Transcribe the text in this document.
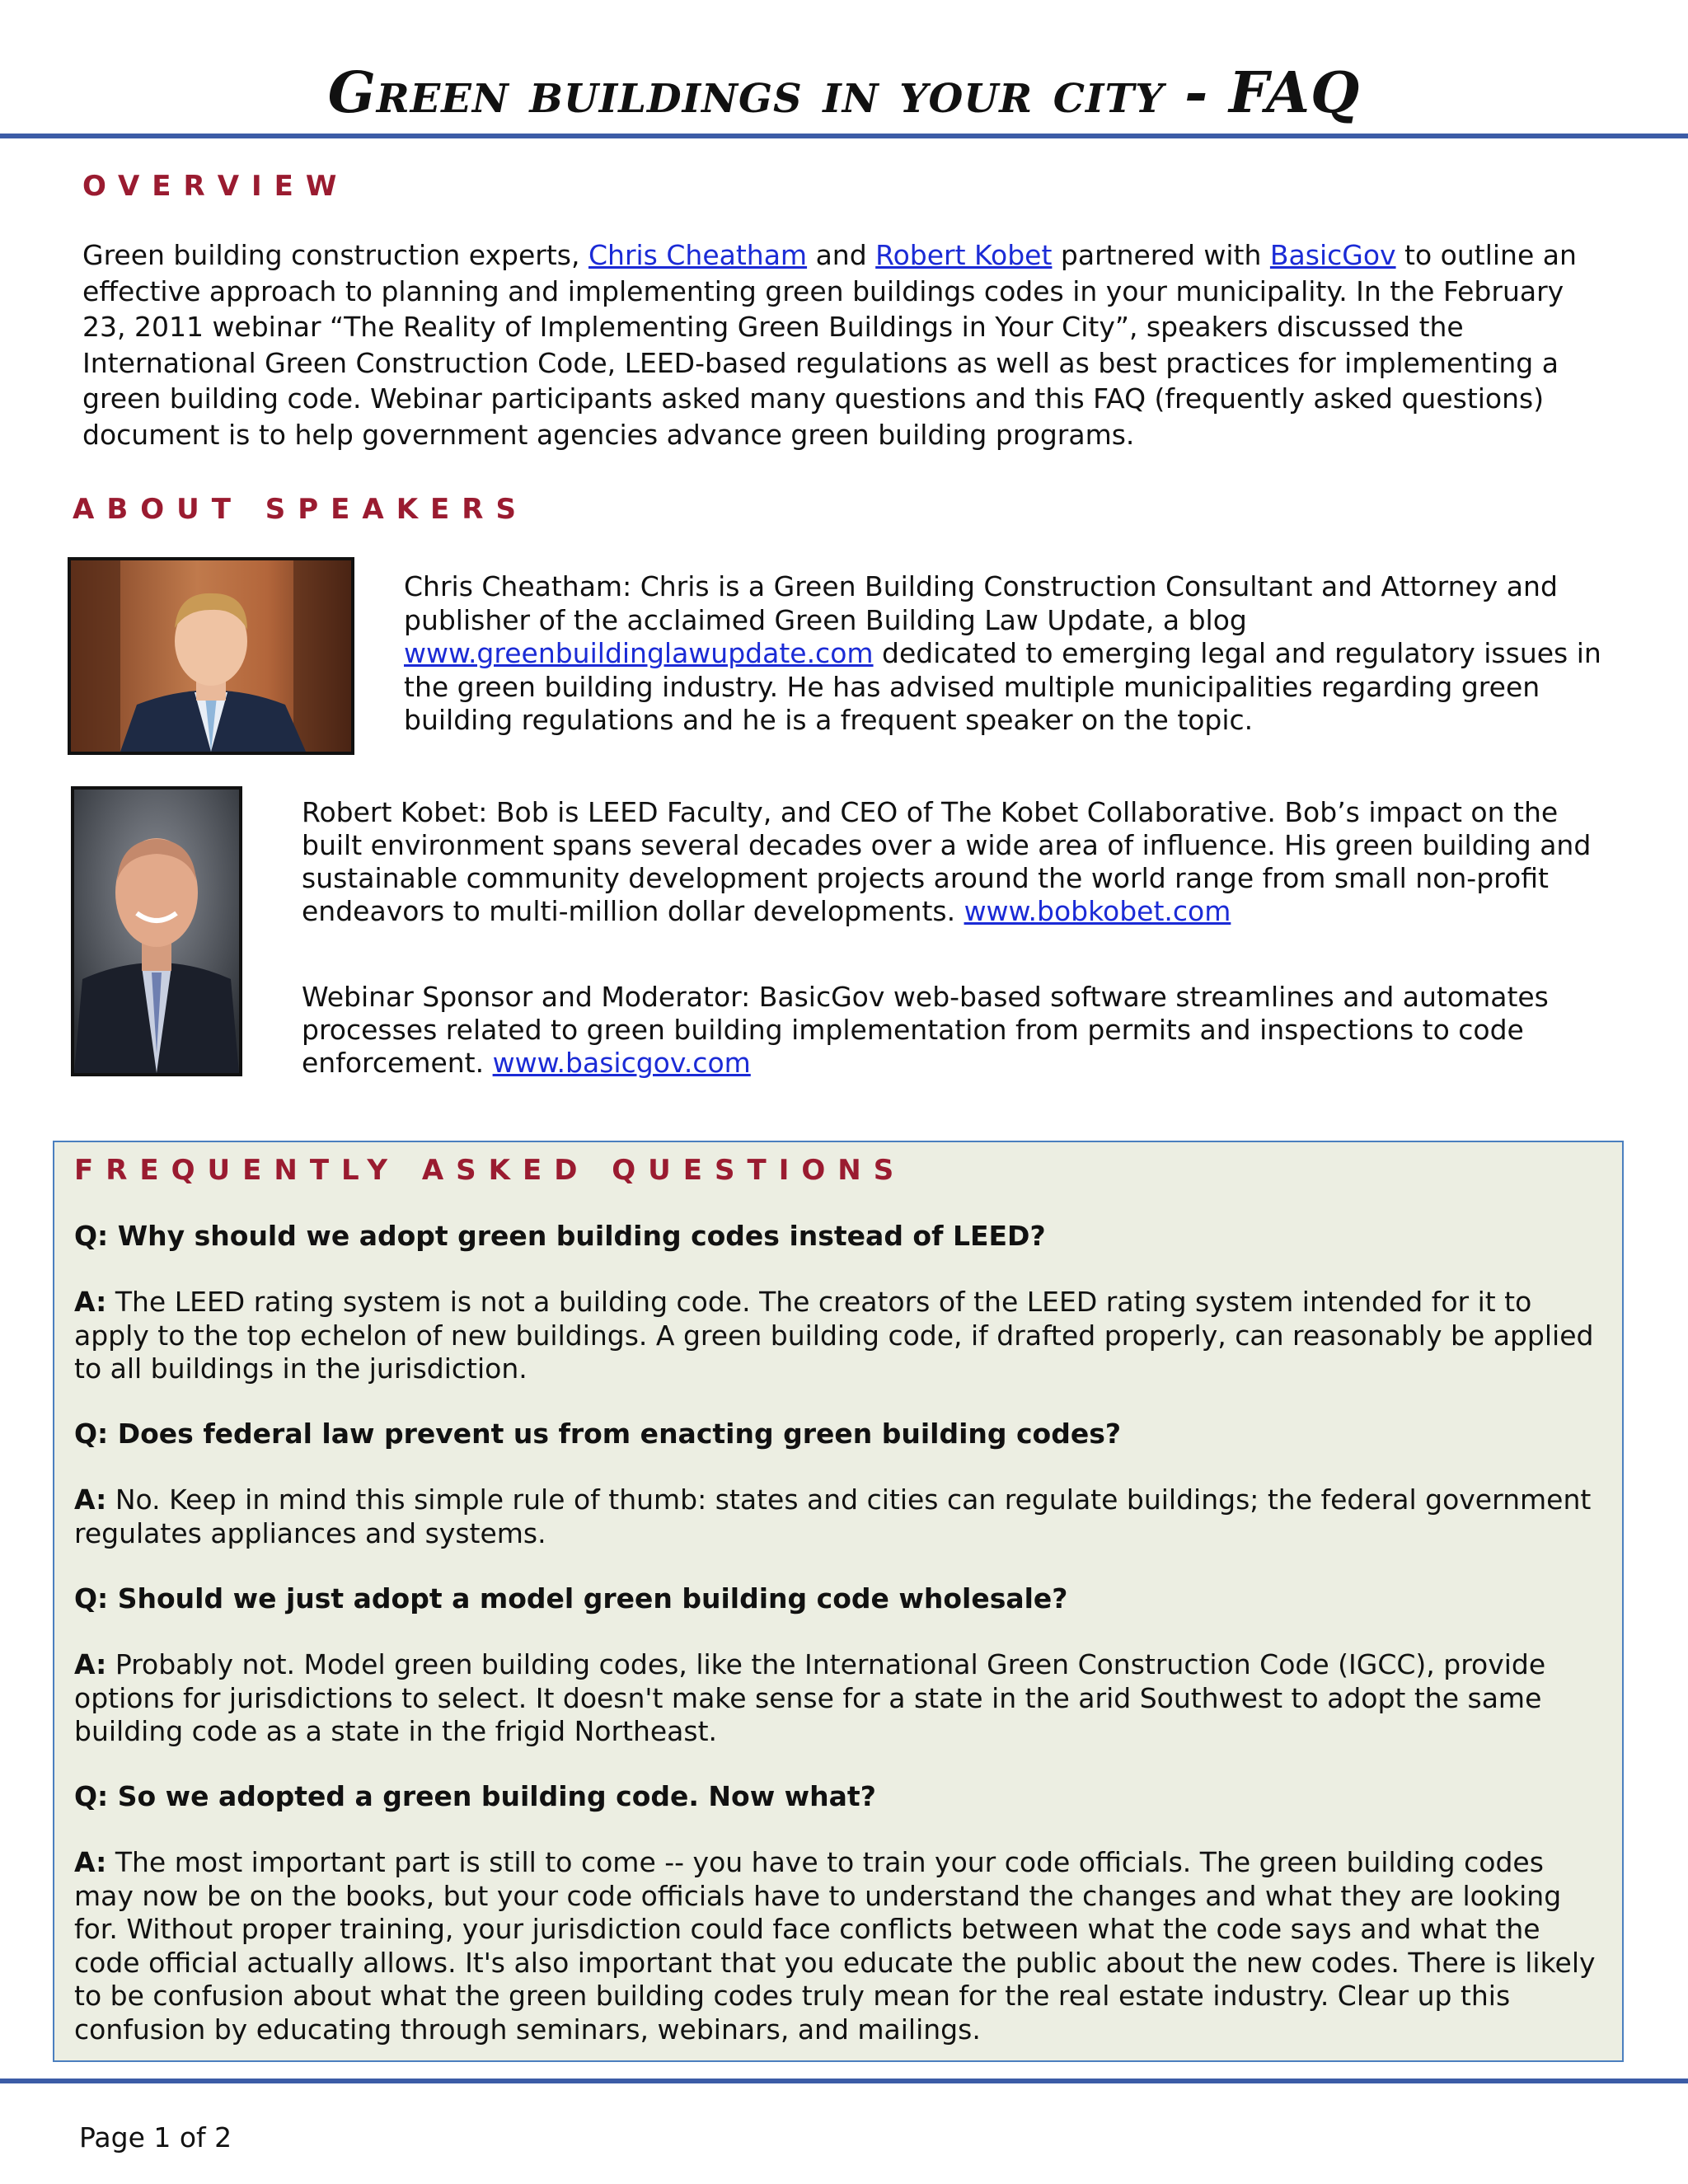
Green buildings in your city - FAQ
OVERVIEW

Green building construction experts, Chris Cheatham and Robert Kobet partnered with BasicGov to outline an effective approach to planning and implementing green buildings codes in your municipality. In the February 23, 2011 webinar “The Reality of Implementing Green Buildings in Your City”, speakers discussed the International Green Construction Code, LEED-based regulations as well as best practices for implementing a green building code. Webinar participants asked many questions and this FAQ (frequently asked questions) document is to help government agencies advance green building programs.

ABOUT SPEAKERS

Chris Cheatham: Chris is a Green Building Construction Consultant and Attorney and publisher of the acclaimed Green Building Law Update, a blog www.greenbuildinglawupdate.com dedicated to emerging legal and regulatory issues in the green building industry. He has advised multiple municipalities regarding green building regulations and he is a frequent speaker on the topic.

Robert Kobet: Bob is LEED Faculty, and CEO of The Kobet Collaborative. Bob’s impact on the built environment spans several decades over a wide area of influence. His green building and sustainable community development projects around the world range from small non-profit endeavors to multi-million dollar developments. www.bobkobet.com

Webinar Sponsor and Moderator: BasicGov web-based software streamlines and automates processes related to green building implementation from permits and inspections to code enforcement. www.basicgov.com

FREQUENTLY ASKED QUESTIONS

Q: Why should we adopt green building codes instead of LEED?

A: The LEED rating system is not a building code. The creators of the LEED rating system intended for it to apply to the top echelon of new buildings. A green building code, if drafted properly, can reasonably be applied to all buildings in the jurisdiction.

Q: Does federal law prevent us from enacting green building codes?

A: No. Keep in mind this simple rule of thumb: states and cities can regulate buildings; the federal government regulates appliances and systems.

Q: Should we just adopt a model green building code wholesale?

A: Probably not. Model green building codes, like the International Green Construction Code (IGCC), provide options for jurisdictions to select. It doesn't make sense for a state in the arid Southwest to adopt the same building code as a state in the frigid Northeast.

Q: So we adopted a green building code. Now what?

A: The most important part is still to come -- you have to train your code officials. The green building codes may now be on the books, but your code officials have to understand the changes and what they are looking for. Without proper training, your jurisdiction could face conflicts between what the code says and what the code official actually allows. It's also important that you educate the public about the new codes. There is likely to be confusion about what the green building codes truly mean for the real estate industry. Clear up this confusion by educating through seminars, webinars, and mailings.

Page 1 of 2
